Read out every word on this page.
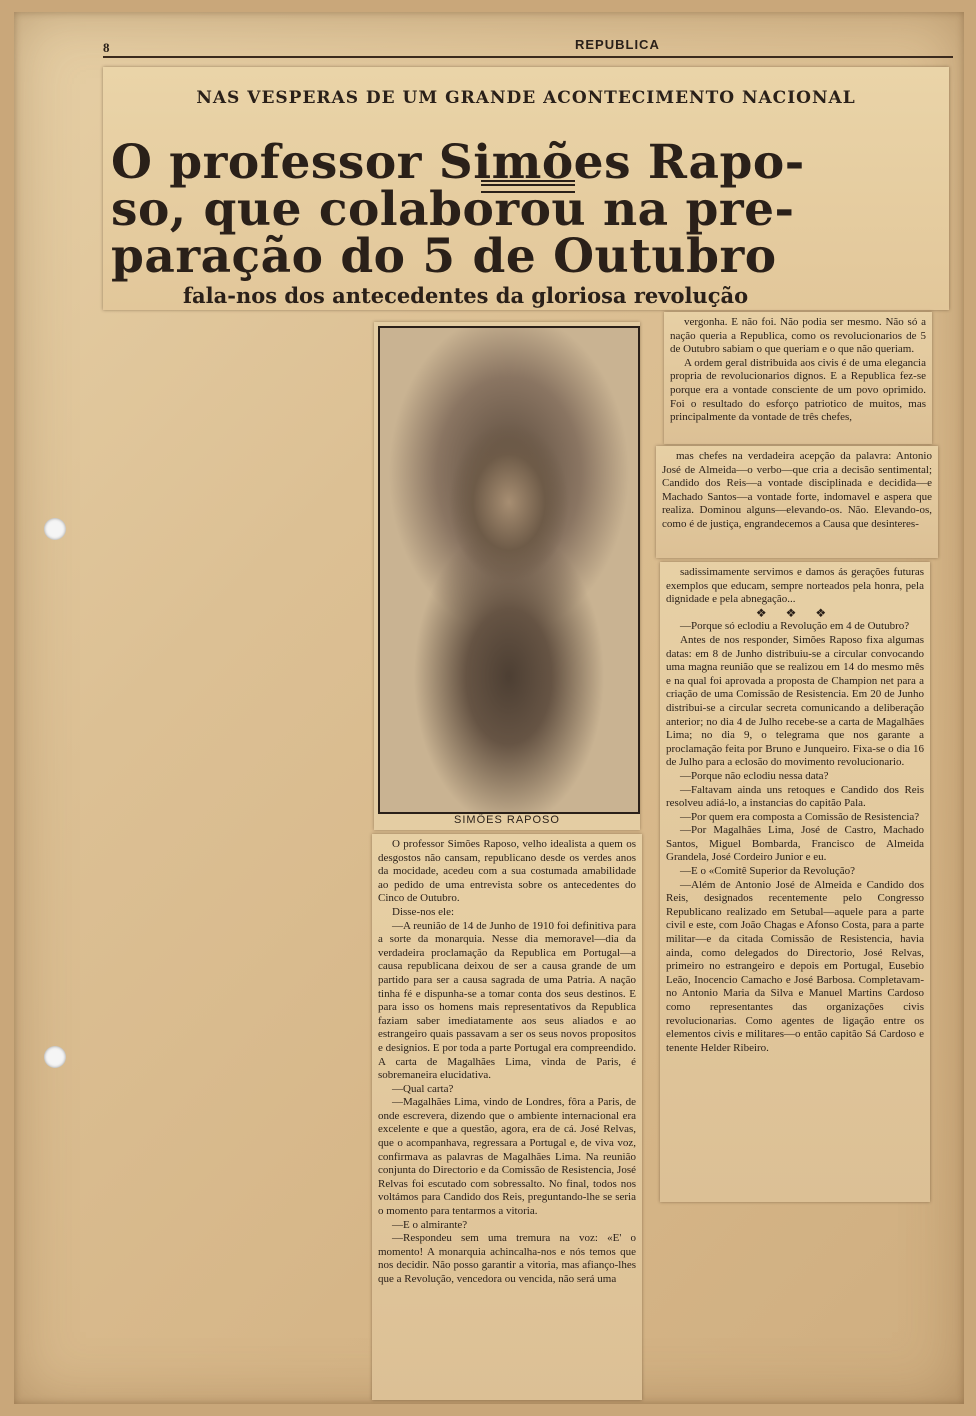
8	REPUBLICA
NAS VESPERAS DE UM GRANDE ACONTECIMENTO NACIONAL
O professor Simões Rapo-
so, que colaborou na pre-
paração do 5 de Outubro
fala-nos dos antecedentes da gloriosa revolução
SIMÕES RAPOSO

O professor Simões Raposo, velho idealista a quem os desgostos não cansam, republicano desde os verdes anos da mocidade, acedeu com a sua costumada amabilidade ao pedido de uma entrevista sobre os antecedentes do Cinco de Outubro.

Disse-nos ele:

—A reunião de 14 de Junho de 1910 foi definitiva para a sorte da monarquia. Nesse dia memoravel—dia da verdadeira proclamação da Republica em Portugal—a causa republicana deixou de ser a causa grande de um partido para ser a causa sagrada de uma Patria. A nação tinha fé e dispunha-se a tomar conta dos seus destinos. E para isso os homens mais representativos da Republica faziam saber imediatamente aos seus aliados e ao estrangeiro quais passavam a ser os seus novos propositos e designios. E por toda a parte Portugal era compreendido. A carta de Magalhães Lima, vinda de Paris, é sobremaneira elucidativa.

—Qual carta?

—Magalhães Lima, vindo de Londres, fôra a Paris, de onde escrevera, dizendo que o ambiente internacional era excelente e que a questão, agora, era de cá. José Relvas, que o acompanhava, regressara a Portugal e, de viva voz, confirmava as palavras de Magalhães Lima. Na reunião conjunta do Directorio e da Comissão de Resistencia, José Relvas foi escutado com sobressalto. No final, todos nos voltámos para Candido dos Reis, preguntando-lhe se seria o momento para tentarmos a vitoria.

—E o almirante?

—Respondeu sem uma tremura na voz: «E' o momento! A monarquia achincalha-nos e nós temos que nos decidir. Não posso garantir a vitoria, mas afianço-lhes que a Revolução, vencedora ou vencida, não será uma

vergonha. E não foi. Não podia ser mesmo. Não só a nação queria a Republica, como os revolucionarios de 5 de Outubro sabiam o que queriam e o que não queriam.

A ordem geral distribuida aos civis é de uma elegancia propria de revolucionarios dignos. E a Republica fez-se porque era a vontade consciente de um povo oprimido. Foi o resultado do esforço patriotico de muitos, mas principalmente da vontade de três chefes,

mas chefes na verdadeira acepção da palavra: Antonio José de Almeida—o verbo—que cria a decisão sentimental; Candido dos Reis—a vontade disciplinada e decidida—e Machado Santos—a vontade forte, indomavel e aspera que realiza. Dominou alguns—elevando-os. Não. Elevando-os, como é de justiça, engrandecemos a Causa que desinteres-

sadissimamente servimos e damos ás gerações futuras exemplos que educam, sempre norteados pela honra, pela dignidade e pela abnegação...

❖ ❖ ❖

—Porque só eclodiu a Revolução em 4 de Outubro?

Antes de nos responder, Simões Raposo fixa algumas datas: em 8 de Junho distribuiu-se a circular convocando uma magna reunião que se realizou em 14 do mesmo mês e na qual foi aprovada a proposta de Champion net para a criação de uma Comissão de Resistencia. Em 20 de Junho distribui-se a circular secreta comunicando a deliberação anterior; no dia 4 de Julho recebe-se a carta de Magalhães Lima; no dia 9, o telegrama que nos garante a proclamação feita por Bruno e Junqueiro. Fixa-se o dia 16 de Julho para a eclosão do movimento revolucionario.

—Porque não eclodiu nessa data?

—Faltavam ainda uns retoques e Candido dos Reis resolveu adiá-lo, a instancias do capitão Pala.

—Por quem era composta a Comissão de Resistencia?

—Por Magalhães Lima, José de Castro, Machado Santos, Miguel Bombarda, Francisco de Almeida Grandela, José Cordeiro Junior e eu.

—E o «Comitê Superior da Revolução?

—Além de Antonio José de Almeida e Candido dos Reis, designados recentemente pelo Congresso Republicano realizado em Setubal—aquele para a parte civil e este, com João Chagas e Afonso Costa, para a parte militar—e da citada Comissão de Resistencia, havia ainda, como delegados do Directorio, José Relvas, primeiro no estrangeiro e depois em Portugal, Eusebio Leão, Inocencio Camacho e José Barbosa. Completavam-no Antonio Maria da Silva e Manuel Martins Cardoso como representantes das organizações civis revolucionarias. Como agentes de ligação entre os elementos civis e militares—o então capitão Sá Cardoso e tenente Helder Ribeiro.
